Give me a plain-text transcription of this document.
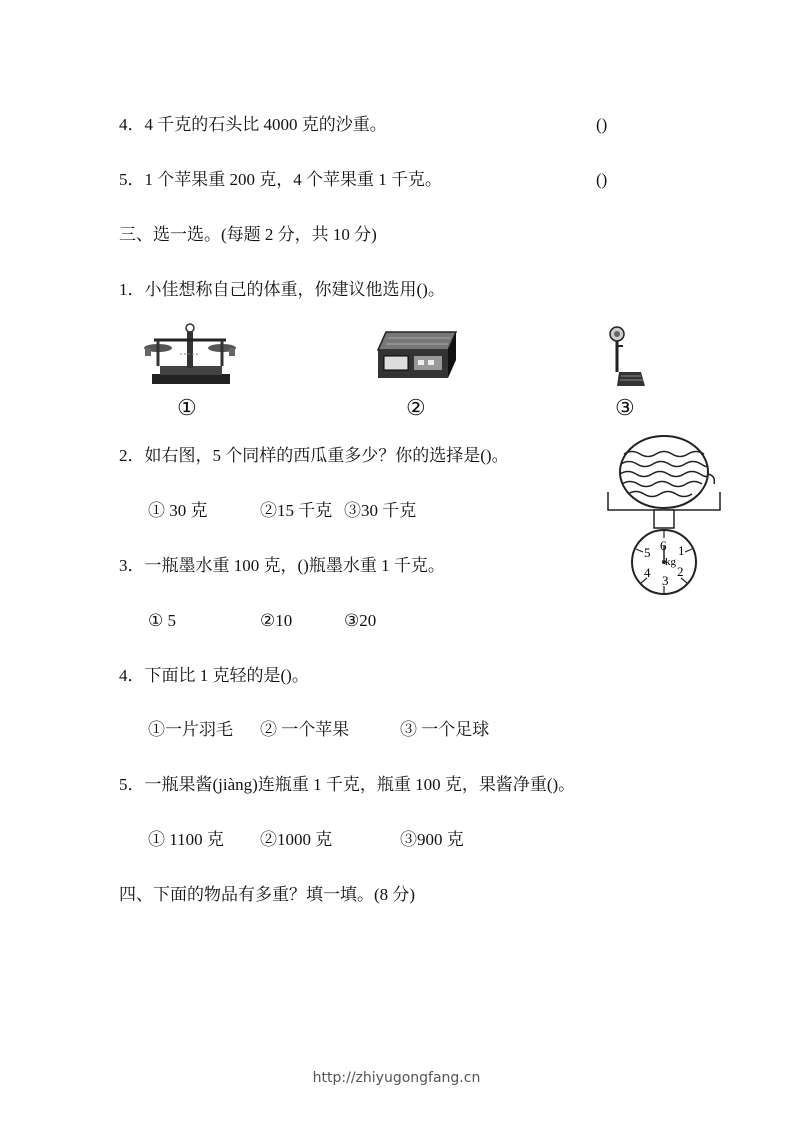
4．4 千克的石头比 4000 克的沙重。	()
5．1 个苹果重 200 克，4 个苹果重 1 千克。	()
三、选一选。(每题 2 分，共 10 分)
1．小佳想称自己的体重，你建议他选用()。
①	②	③
2．如右图，5 个同样的西瓜重多少？你的选择是()。
① 30 克	②15 千克 ③30 千克
6 1
2
3
4
5
kg
3．一瓶墨水重 100 克，()瓶墨水重 1 千克。
① 5	②10	③20
4．下面比 1 克轻的是()。
①一片羽毛 ② 一个苹果	③ 一个足球
5．一瓶果酱(jiàng)连瓶重 1 千克，瓶重 100 克，果酱净重()。
① 1100 克 ②1000 克	③900 克
四、下面的物品有多重？填一填。(8 分)
http://zhiyugongfang.cn
